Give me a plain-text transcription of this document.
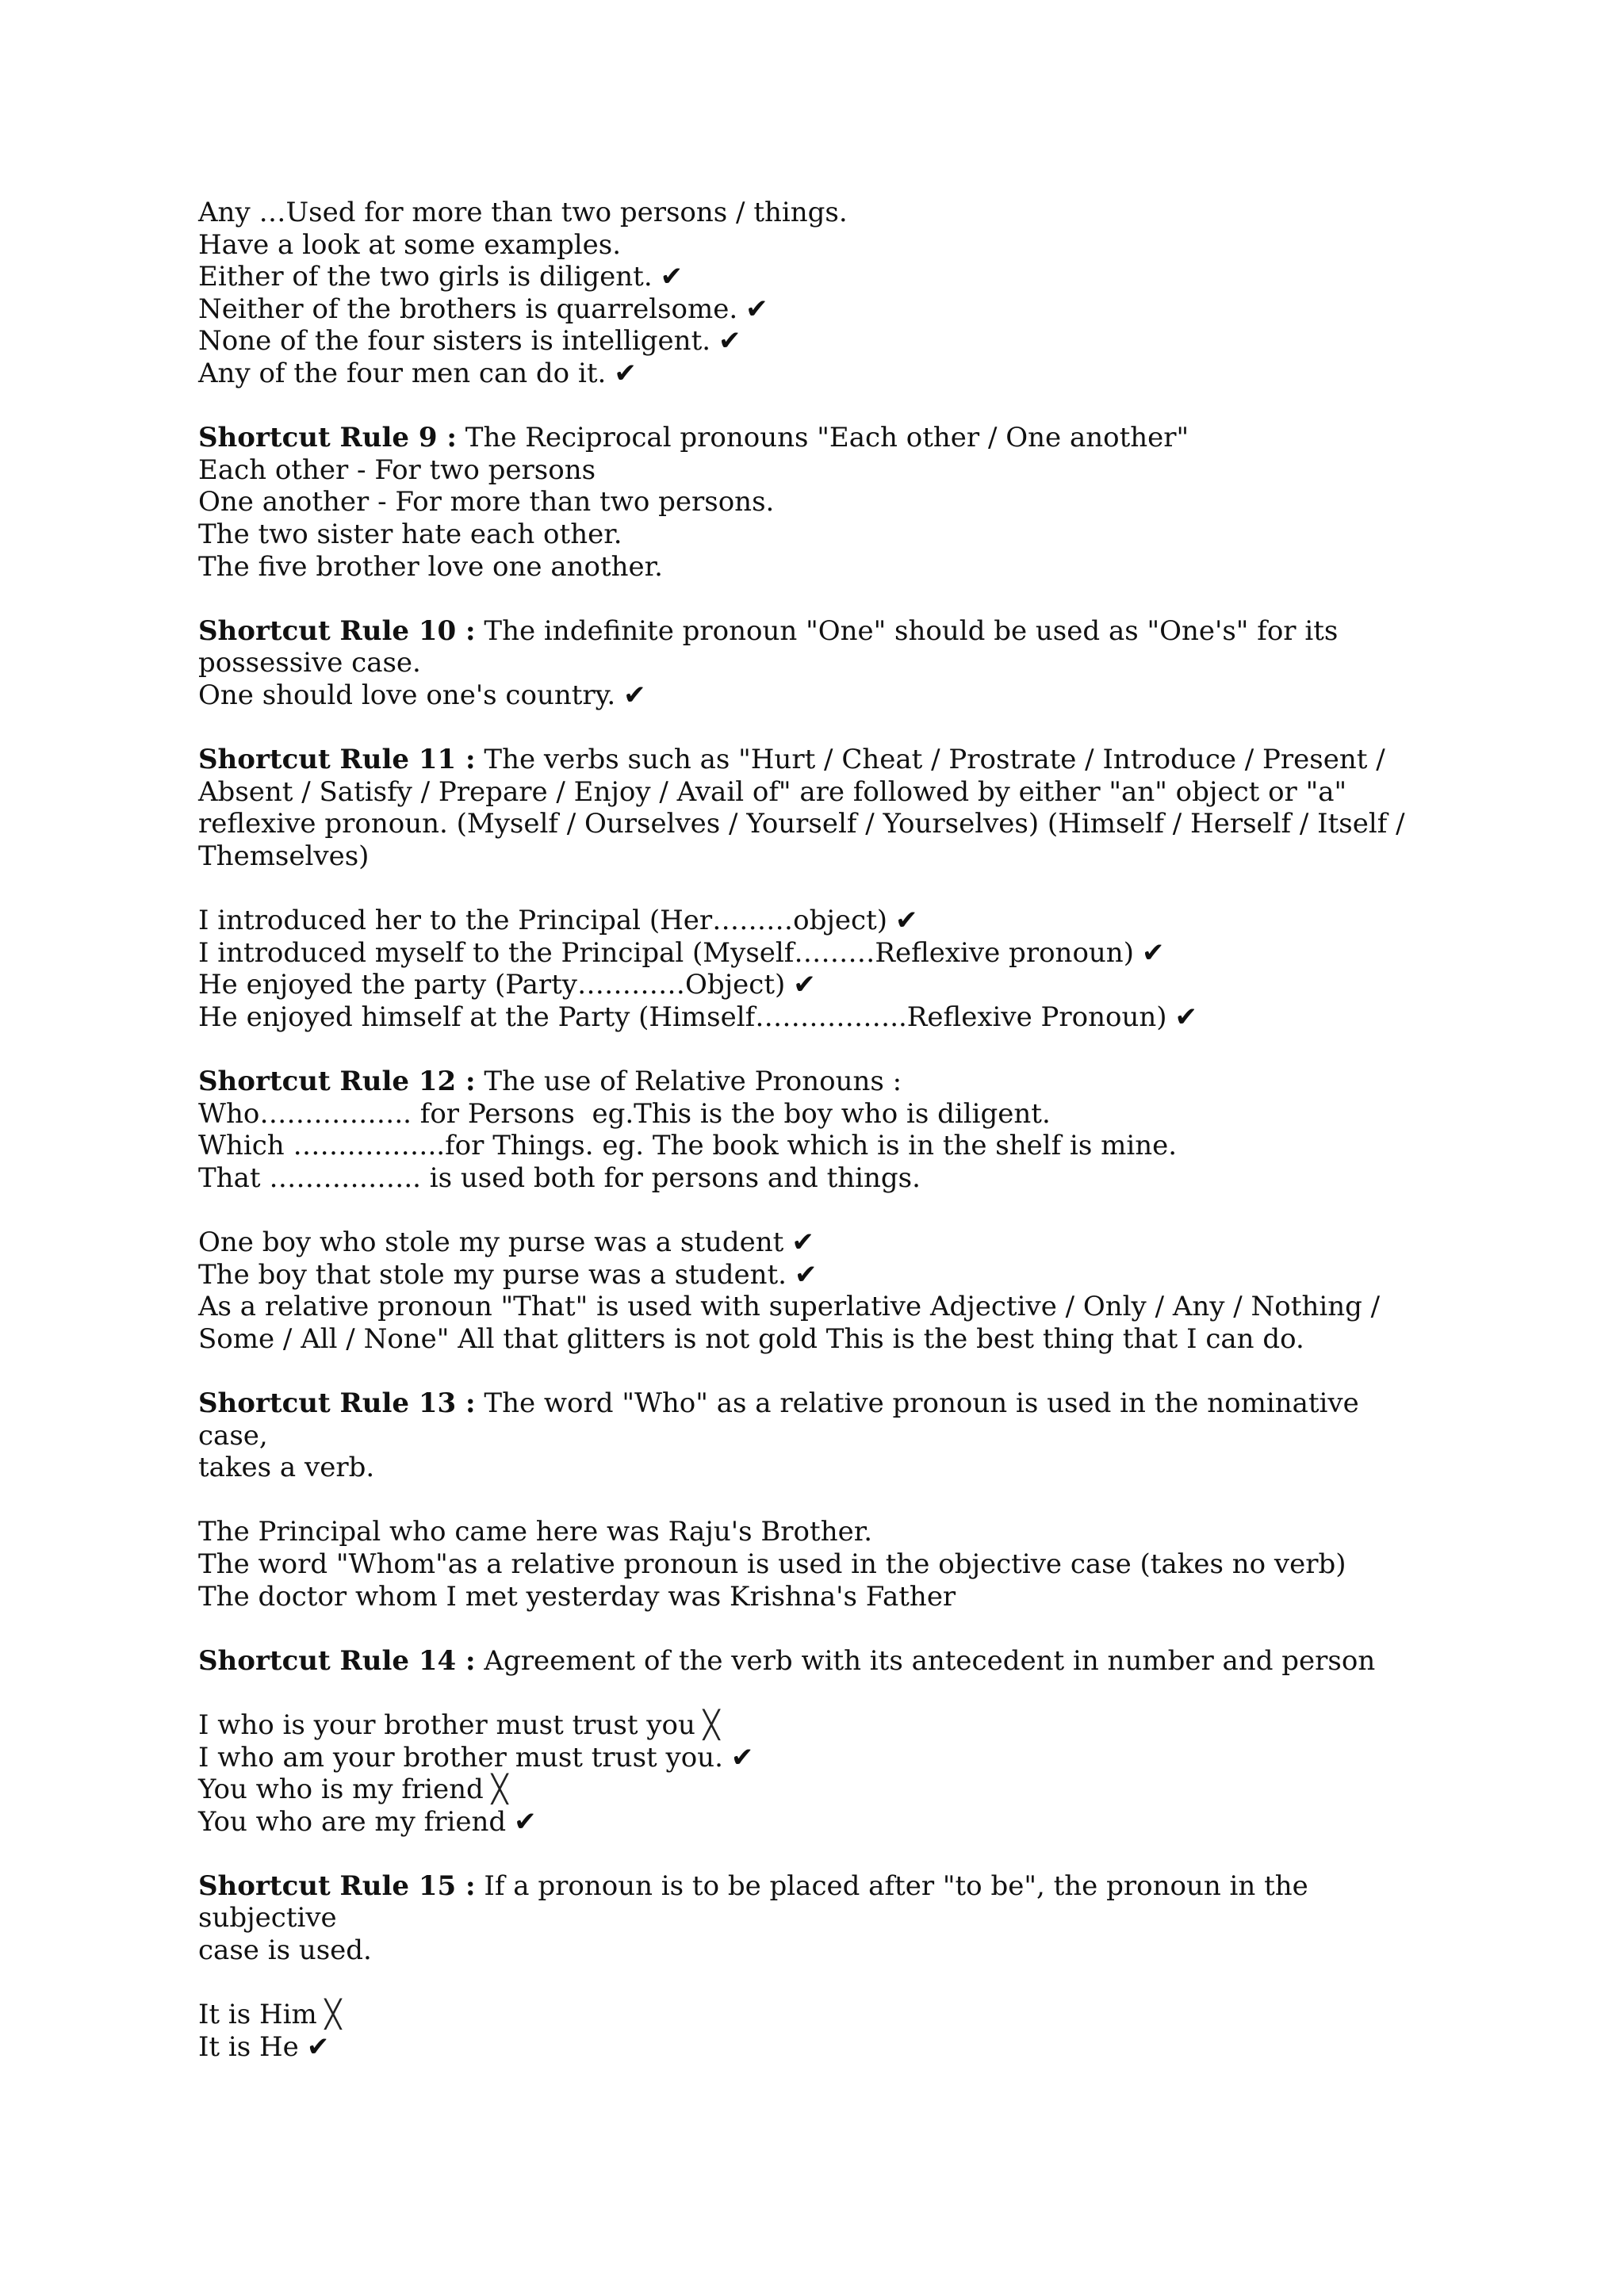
Any …Used for more than two persons / things.

Have a look at some examples.

Either of the two girls is diligent. ✔

Neither of the brothers is quarrelsome. ✔

None of the four sisters is intelligent. ✔

Any of the four men can do it. ✔

Shortcut Rule 9 : The Reciprocal pronouns "Each other / One another"

Each other - For two persons

One another - For more than two persons.

The two sister hate each other.

The five brother love one another.

Shortcut Rule 10 : The indefinite pronoun "One" should be used as "One's" for its

possessive case.

One should love one's country. ✔

Shortcut Rule 11 : The verbs such as "Hurt / Cheat / Prostrate / Introduce / Present /

Absent / Satisfy / Prepare / Enjoy / Avail of" are followed by either "an" object or "a"

reflexive pronoun. (Myself / Ourselves / Yourself / Yourselves) (Himself / Herself / Itself /

Themselves)

I introduced her to the Principal (Her………object) ✔

I introduced myself to the Principal (Myself………Reflexive pronoun) ✔

He enjoyed the party (Party…………Object) ✔

He enjoyed himself at the Party (Himself……………..Reflexive Pronoun) ✔

Shortcut Rule 12 : The use of Relative Pronouns :

Who…………….. for Persons  eg.This is the boy who is diligent.

Which ……………..for Things. eg. The book which is in the shelf is mine.

That …………….. is used both for persons and things.

One boy who stole my purse was a student ✔

The boy that stole my purse was a student. ✔

As a relative pronoun "That" is used with superlative Adjective / Only / Any / Nothing /

Some / All / None" All that glitters is not gold This is the best thing that I can do.

Shortcut Rule 13 : The word "Who" as a relative pronoun is used in the nominative case,

takes a verb.

The Principal who came here was Raju's Brother.

The word "Whom"as a relative pronoun is used in the objective case (takes no verb)

The doctor whom I met yesterday was Krishna's Father

Shortcut Rule 14 : Agreement of the verb with its antecedent in number and person

I who is your brother must trust you ╳

I who am your brother must trust you. ✔

You who is my friend ╳

You who are my friend ✔

Shortcut Rule 15 : If a pronoun is to be placed after "to be", the pronoun in the subjective

case is used.

It is Him ╳

It is He ✔
